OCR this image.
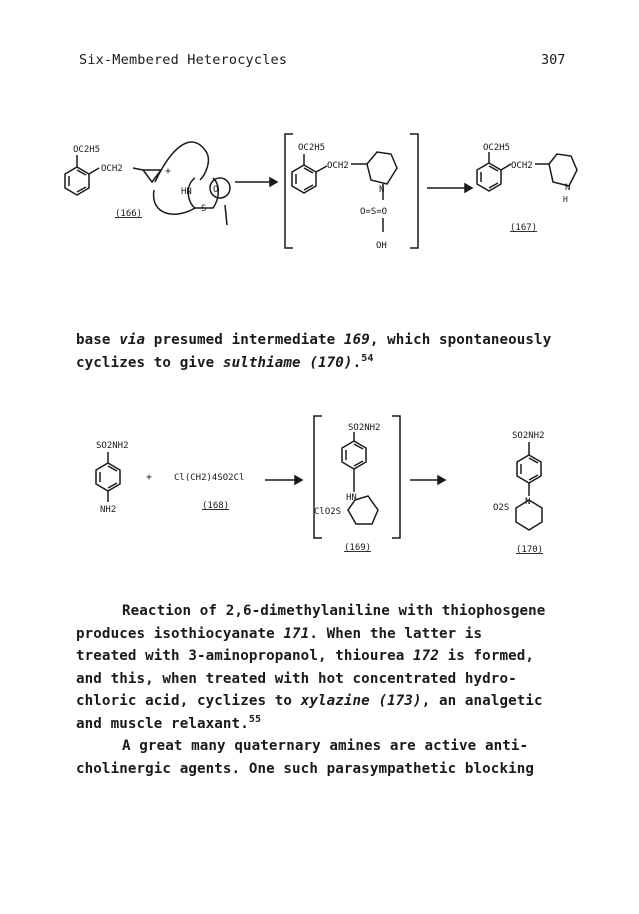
Six-Membered Heterocycles	307
OC2H5
OCH2	+
HN
S
O
(166)
OC2H5
OCH2
N
O=S=O
OH
OC2H5
OCH2
N
H
(167)

base via presumed intermediate 169, which spontaneously cyclizes to give sulthiame (170).$^{54}$

SO2NH2
NH2
+ Cl(CH2)4SO2Cl
(168)
SO2NH2
HN
ClO2S
(169)
SO2NH2
O2S
N
(170)

Reaction of 2,6-dimethylaniline with thiophosgene

produces isothiocyanate 171. When the latter is

treated with 3-aminopropanol, thiourea 172 is formed,

and this, when treated with hot concentrated hydro-

chloric acid, cyclizes to xylazine (173), an analgetic

and muscle relaxant.$^{55}$

A great many quaternary amines are active anti-

cholinergic agents. One such parasympathetic blocking
